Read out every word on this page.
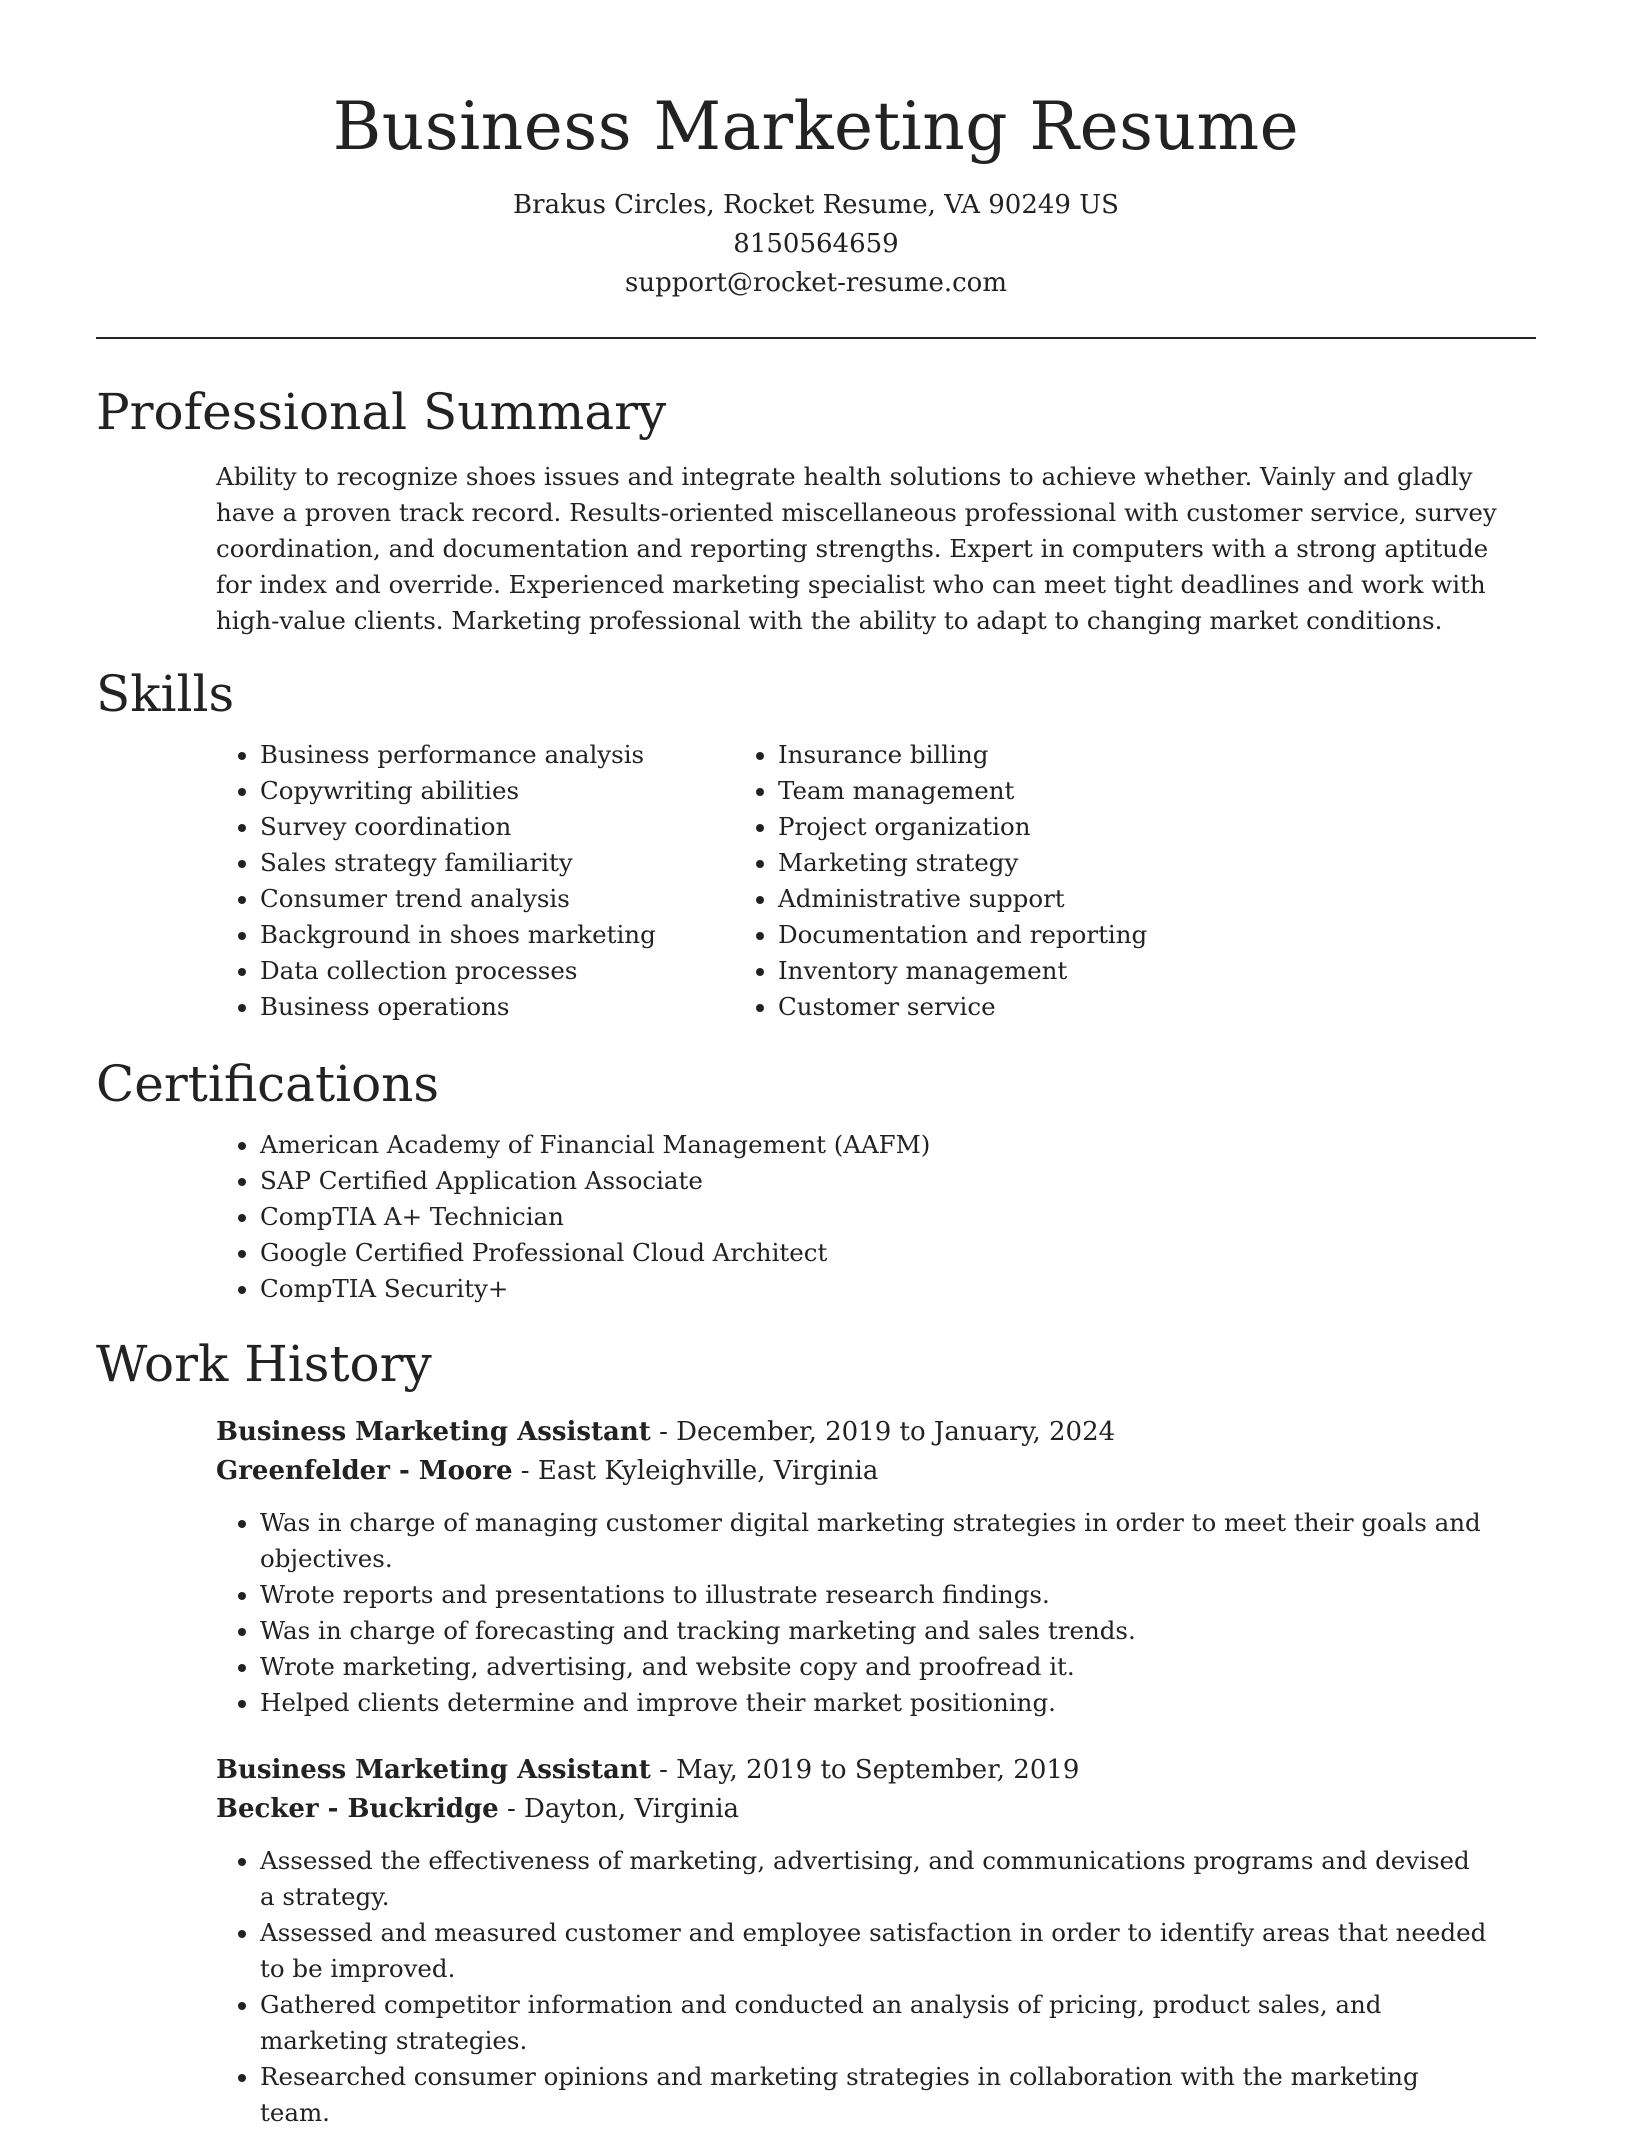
Business Marketing Resume

Brakus Circles, Rocket Resume, VA 90249 US

8150564659

support@rocket-resume.com

Professional Summary

Ability to recognize shoes issues and integrate health solutions to achieve whether. Vainly and gladly have a proven track record. Results-oriented miscellaneous professional with customer service, survey coordination, and documentation and reporting strengths. Expert in computers with a strong aptitude for index and override. Experienced marketing specialist who can meet tight deadlines and work with high-value clients. Marketing professional with the ability to adapt to changing market conditions.

Skills
• Business performance analysis
• Copywriting abilities
• Survey coordination
• Sales strategy familiarity
• Consumer trend analysis
• Background in shoes marketing
• Data collection processes
• Business operations
• Insurance billing
• Team management
• Project organization
• Marketing strategy
• Administrative support
• Documentation and reporting
• Inventory management
• Customer service
Certifications
• American Academy of Financial Management (AAFM)
• SAP Certified Application Associate
• CompTIA A+ Technician
• Google Certified Professional Cloud Architect
• CompTIA Security+
Work History

Business Marketing Assistant - December, 2019 to January, 2024

Greenfelder - Moore - East Kyleighville, Virginia

• Was in charge of managing customer digital marketing strategies in order to meet their goals and objectives.
• Wrote reports and presentations to illustrate research findings.
• Was in charge of forecasting and tracking marketing and sales trends.
• Wrote marketing, advertising, and website copy and proofread it.
• Helped clients determine and improve their market positioning.

Business Marketing Assistant - May, 2019 to September, 2019

Becker - Buckridge - Dayton, Virginia

• Assessed the effectiveness of marketing, advertising, and communications programs and devised a strategy.
• Assessed and measured customer and employee satisfaction in order to identify areas that needed to be improved.
• Gathered competitor information and conducted an analysis of pricing, product sales, and marketing strategies.
• Researched consumer opinions and marketing strategies in collaboration with the marketing team.
